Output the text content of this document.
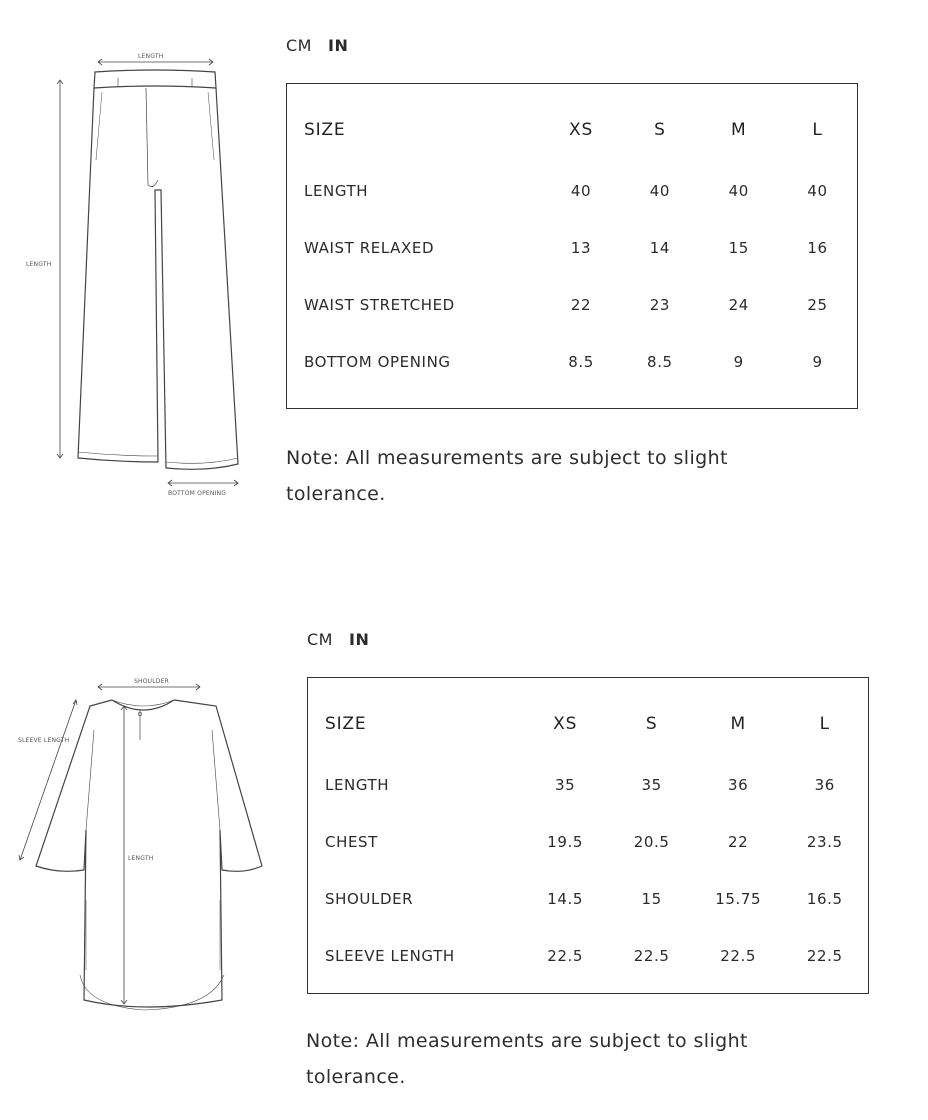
LENGTH
LENGTH
BOTTOM OPENING
CM IN
SIZE	XS	S	M	L
LENGTH	40	40	40	40
WAIST RELAXED	13	14	15	16
WAIST STRETCHED	22	23	24	25
BOTTOM OPENING	8.5	8.5	9	9
Note: All measurements are subject to slight tolerance.
SHOULDER
SLEEVE LENGTH
LENGTH
CM IN
SIZE	XS	S	M	L
LENGTH	35	35	36	36
CHEST	19.5	20.5	22	23.5
SHOULDER	14.5	15	15.75	16.5
SLEEVE LENGTH	22.5	22.5	22.5	22.5
Note: All measurements are subject to slight tolerance.
